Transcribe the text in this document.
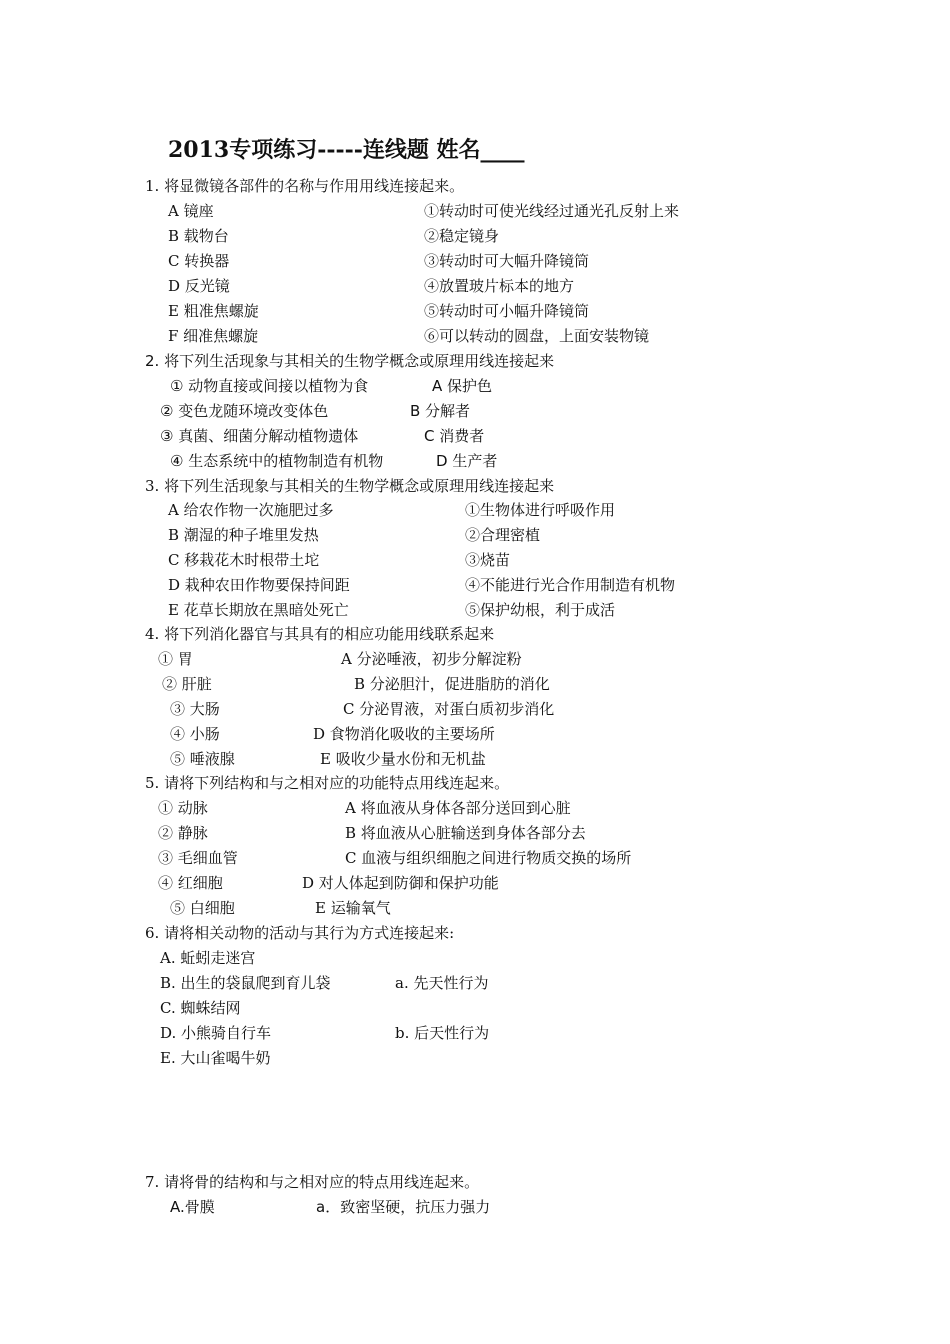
2013专项练习-----连线题 姓名____
1. 将显微镜各部件的名称与作用用线连接起来。
A 镜座
B 载物台
C 转换器
D 反光镜
E 粗准焦螺旋
F 细准焦螺旋
①转动时可使光线经过通光孔反射上来
②稳定镜身
③转动时可大幅升降镜筒
④放置玻片标本的地方
⑤转动时可小幅升降镜筒
⑥可以转动的圆盘，上面安装物镜
2. 将下列生活现象与其相关的生物学概念或原理用线连接起来
① 动物直接或间接以植物为食
② 变色龙随环境改变体色
③ 真菌、细菌分解动植物遗体
④ 生态系统中的植物制造有机物
A 保护色
B 分解者
C 消费者
D 生产者
3. 将下列生活现象与其相关的生物学概念或原理用线连接起来
A 给农作物一次施肥过多
B 潮湿的种子堆里发热
C 移栽花木时根带土坨
D 栽种农田作物要保持间距
E 花草长期放在黑暗处死亡
①生物体进行呼吸作用
②合理密植
③烧苗
④不能进行光合作用制造有机物
⑤保护幼根，利于成活
4. 将下列消化器官与其具有的相应功能用线联系起来
① 胃
② 肝脏
③ 大肠
④ 小肠
⑤ 唾液腺
A 分泌唾液，初步分解淀粉
B 分泌胆汁，促进脂肪的消化
C 分泌胃液，对蛋白质初步消化
D 食物消化吸收的主要场所
E 吸收少量水份和无机盐
5. 请将下列结构和与之相对应的功能特点用线连起来。
① 动脉
② 静脉
③ 毛细血管
④ 红细胞
⑤ 白细胞
A 将血液从身体各部分送回到心脏
B 将血液从心脏输送到身体各部分去
C 血液与组织细胞之间进行物质交换的场所
D 对人体起到防御和保护功能
E 运输氧气
6. 请将相关动物的活动与其行为方式连接起来:
A. 蚯蚓走迷宫
B. 出生的袋鼠爬到育儿袋
C. 蜘蛛结网
D. 小熊骑自行车
E. 大山雀喝牛奶
a. 先天性行为
b. 后天性行为
7. 请将骨的结构和与之相对应的特点用线连起来。
A.骨膜	a．致密坚硬，抗压力强力
